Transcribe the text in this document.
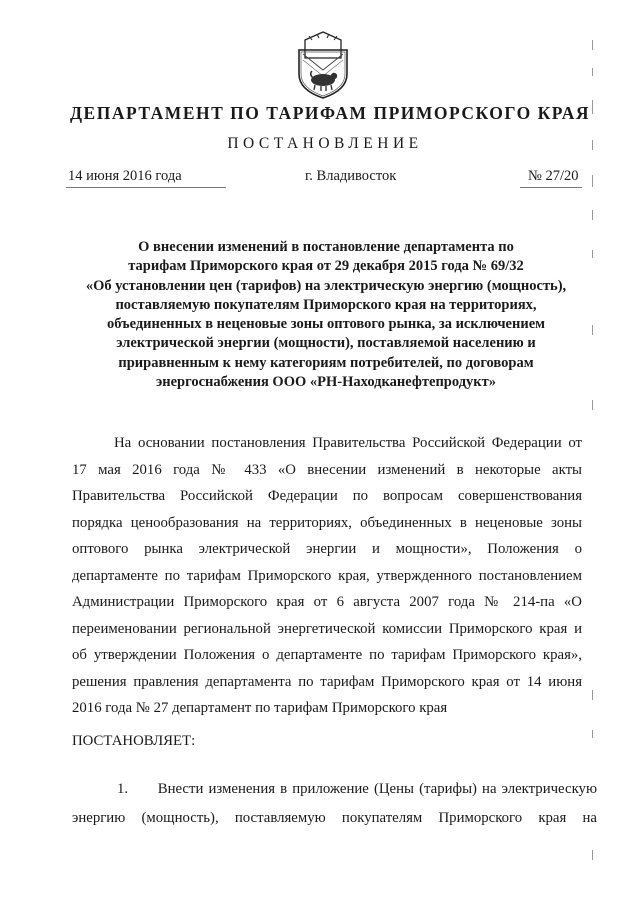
ДЕПАРТАМЕНТ ПО ТАРИФАМ ПРИМОРСКОГО КРАЯ
ПОСТАНОВЛЕНИЕ
14 июня 2016 года	г. Владивосток	№ 27/20
О внесении изменений в постановление департамента по
тарифам Приморского края от 29 декабря 2015 года № 69/32
«Об установлении цен (тарифов) на электрическую энергию (мощность),
поставляемую покупателям Приморского края на территориях,
объединенных в неценовые зоны оптового рынка, за исключением
электрической энергии (мощности), поставляемой населению и
приравненным к нему категориям потребителей, по договорам
энергоснабжения ООО «РН-Находканефтепродукт»
На основании постановления Правительства Российской Федерации от
17 мая 2016 года № 433 «О внесении изменений в некоторые акты
Правительства Российской Федерации по вопросам совершенствования
порядка ценообразования на территориях, объединенных в неценовые зоны
оптового рынка электрической энергии и мощности», Положения о
департаменте по тарифам Приморского края, утвержденного постановлением
Администрации Приморского края от 6 августа 2007 года № 214-па «О
переименовании региональной энергетической комиссии Приморского края и
об утверждении Положения о департаменте по тарифам Приморского края»,
решения правления департамента по тарифам Приморского края от 14 июня
2016 года № 27 департамент по тарифам Приморского края
ПОСТАНОВЛЯЕТ:
1.   Внести изменения в приложение (Цены (тарифы) на электрическую
энергию (мощность), поставляемую покупателям Приморского края на
